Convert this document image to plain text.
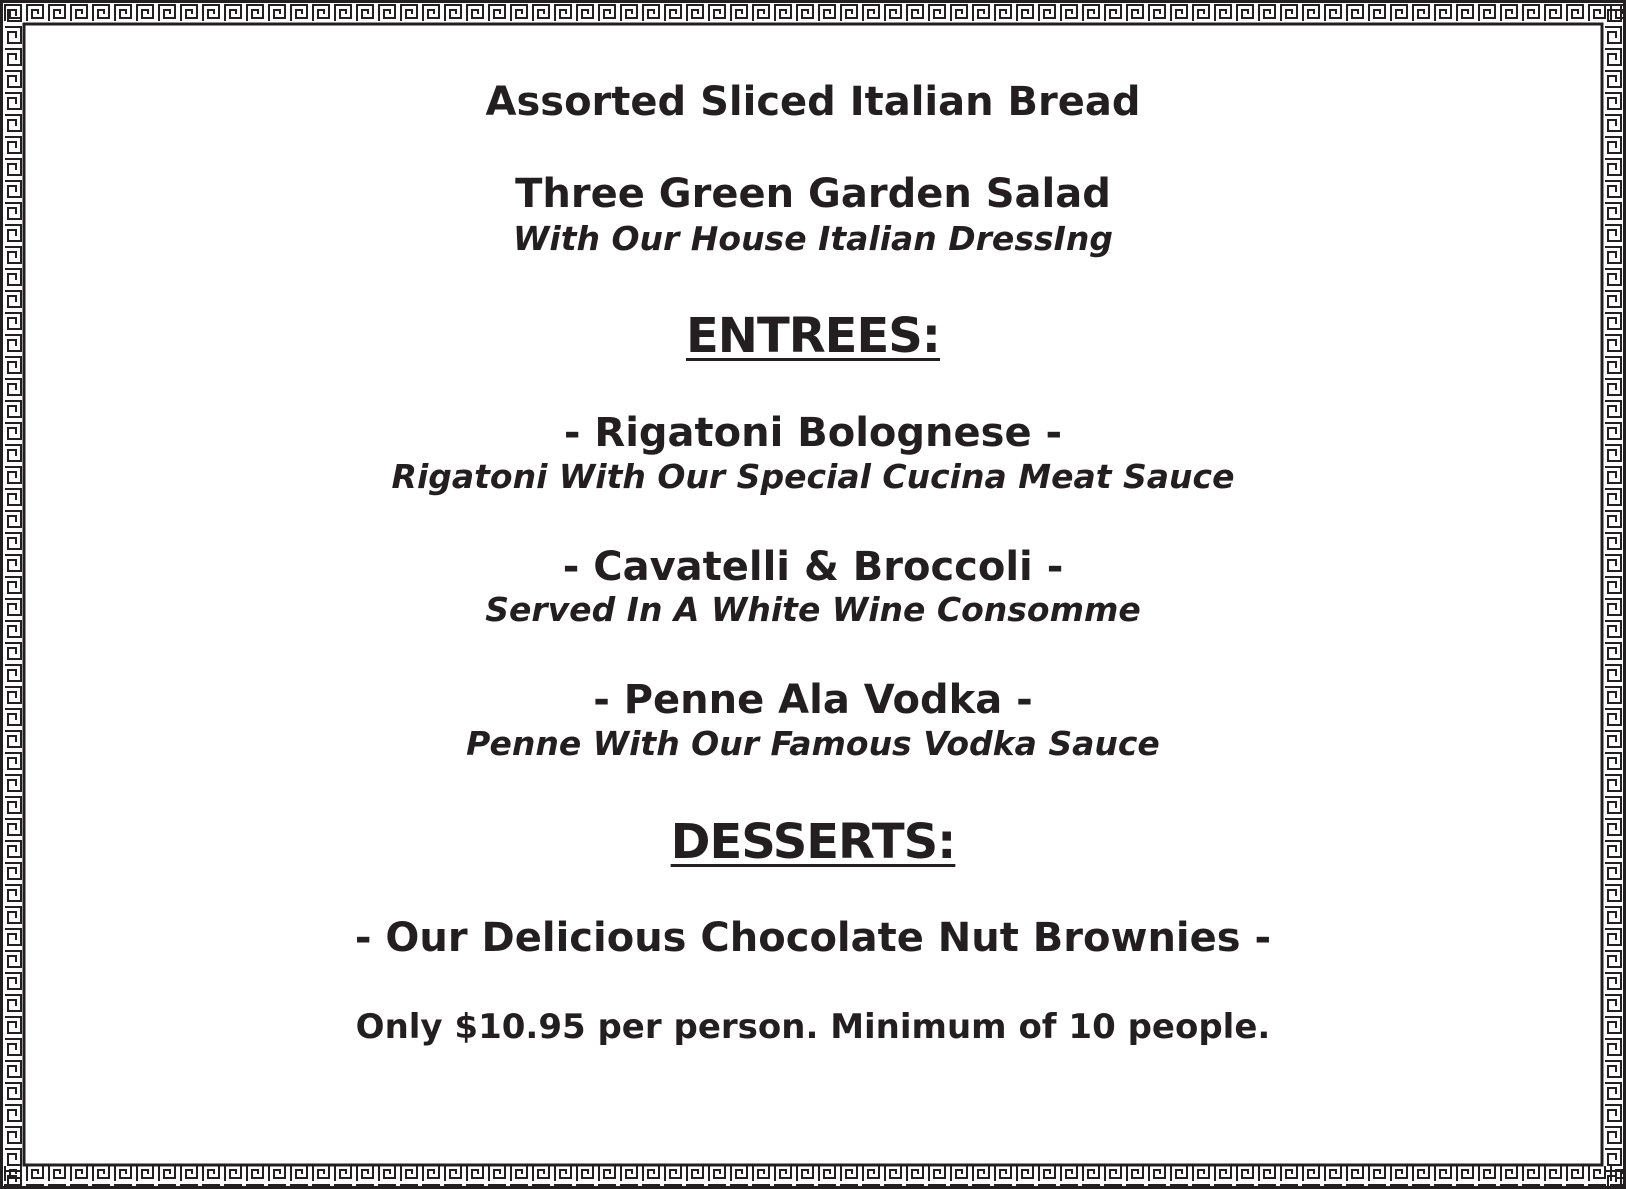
Assorted Sliced Italian Bread
Three Green Garden Salad
With Our House Italian DressIng
ENTREES:
- Rigatoni Bolognese -
Rigatoni With Our Special Cucina Meat Sauce
- Cavatelli & Broccoli -
Served In A White Wine Consomme
- Penne Ala Vodka -
Penne With Our Famous Vodka Sauce
DESSERTS:
- Our Delicious Chocolate Nut Brownies -
Only $10.95 per person. Minimum of 10 people.
